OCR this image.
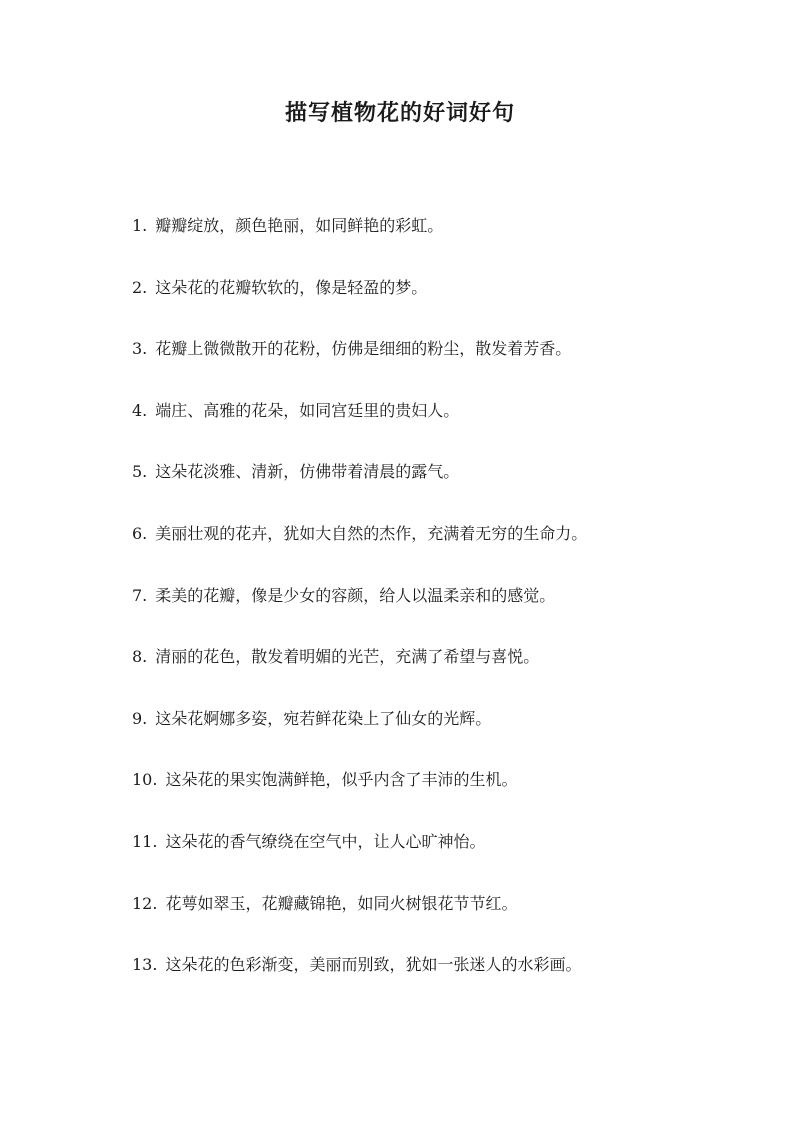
描写植物花的好词好句
1. 瓣瓣绽放，颜色艳丽，如同鲜艳的彩虹。
2. 这朵花的花瓣软软的，像是轻盈的梦。
3. 花瓣上微微散开的花粉，仿佛是细细的粉尘，散发着芳香。
4. 端庄、高雅的花朵，如同宫廷里的贵妇人。
5. 这朵花淡雅、清新，仿佛带着清晨的露气。
6. 美丽壮观的花卉，犹如大自然的杰作，充满着无穷的生命力。
7. 柔美的花瓣，像是少女的容颜，给人以温柔亲和的感觉。
8. 清丽的花色，散发着明媚的光芒，充满了希望与喜悦。
9. 这朵花婀娜多姿，宛若鲜花染上了仙女的光辉。
10. 这朵花的果实饱满鲜艳，似乎内含了丰沛的生机。
11. 这朵花的香气缭绕在空气中，让人心旷神怡。
12. 花萼如翠玉，花瓣藏锦艳，如同火树银花节节红。
13. 这朵花的色彩渐变，美丽而别致，犹如一张迷人的水彩画。
